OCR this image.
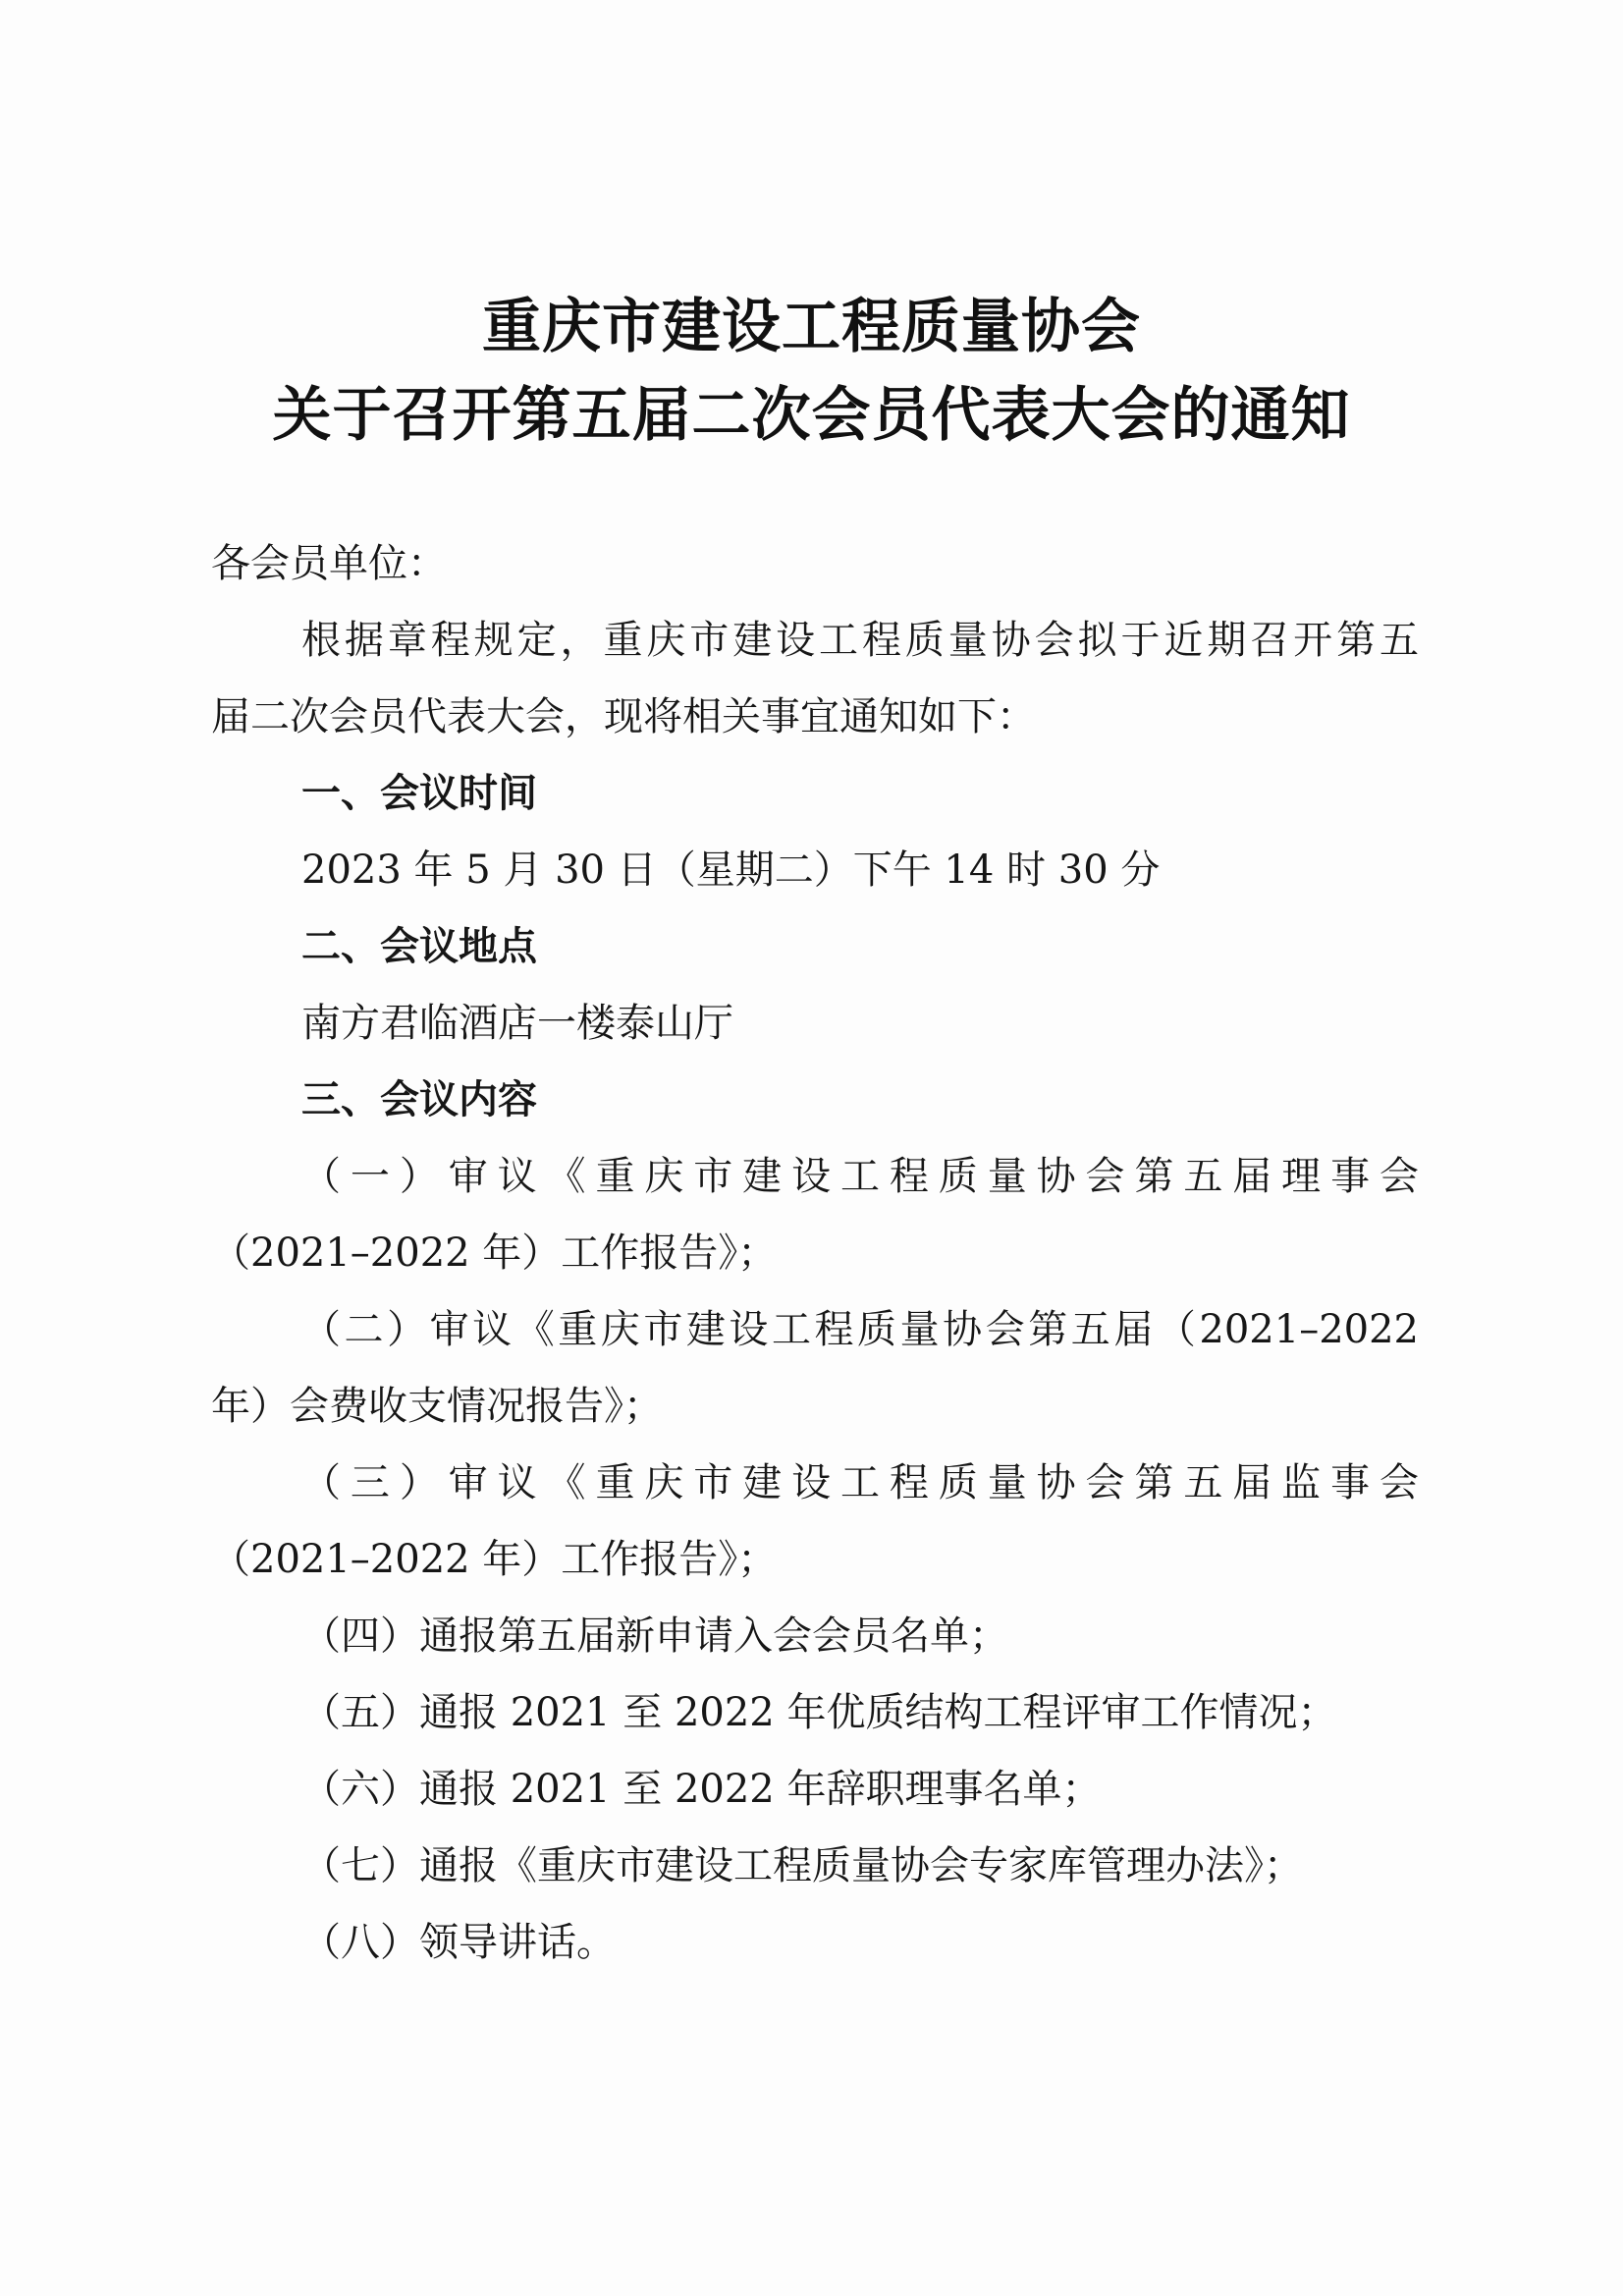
重庆市建设工程质量协会
关于召开第五届二次会员代表大会的通知
各会员单位：
根据章程规定，重庆市建设工程质量协会拟于近期召开第五
届二次会员代表大会，现将相关事宜通知如下：
一、会议时间
2023 年 5 月 30 日（星期二）下午 14 时 30 分
二、会议地点
南方君临酒店一楼泰山厅
三、会议内容
（一）审议《重庆市建设工程质量协会第五届理事会
（2021–2022 年）工作报告》；
（二）审议《重庆市建设工程质量协会第五届（2021–2022
年）会费收支情况报告》；
（三）审议《重庆市建设工程质量协会第五届监事会
（2021–2022 年）工作报告》；
（四）通报第五届新申请入会会员名单；
（五）通报 2021 至 2022 年优质结构工程评审工作情况；
（六）通报 2021 至 2022 年辞职理事名单；
（七）通报《重庆市建设工程质量协会专家库管理办法》；
（八）领导讲话。
